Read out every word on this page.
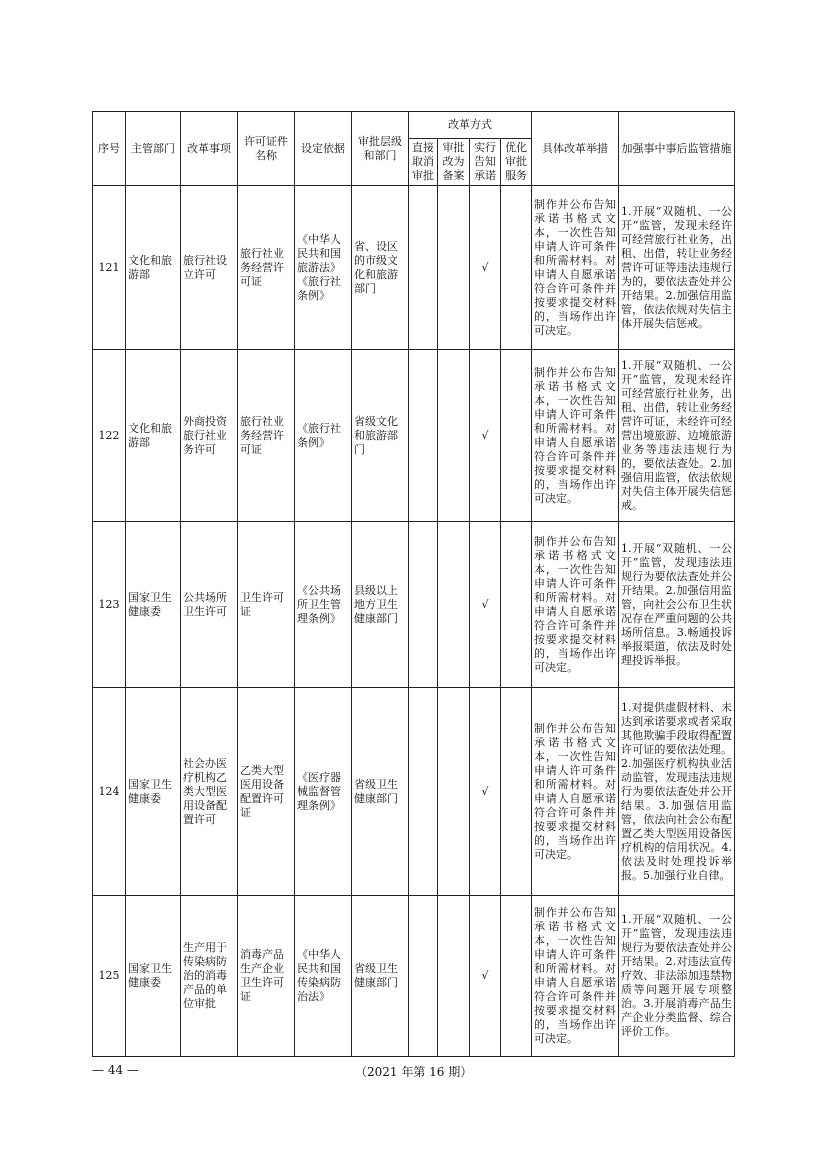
序号	主管部门	改革事项	许可证件名称	设定依据	审批层级和部门	改革方式				具体改革举措	加强事中事后监管措施
						直接取消审批	审批改为备案	实行告知承诺	优化审批服务		
121	文化和旅游部	旅行社设立许可	旅行社业务经营许可证	《中华人民共和国旅游法》《旅行社条例》	省、设区的市级文化和旅游部门			√		制作并公布告知承诺书格式文本，一次性告知申请人许可条件和所需材料。对申请人自愿承诺符合许可条件并按要求提交材料的，当场作出许可决定。	1.开展“双随机、一公开”监管，发现未经许可经营旅行社业务，出租、出借，转让业务经营许可证等违法违规行为的，要依法查处并公开结果。2.加强信用监管，依法依规对失信主体开展失信惩戒。
122	文化和旅游部	外商投资旅行社业务许可	旅行社业务经营许可证	《旅行社条例》	省级文化和旅游部门			√		制作并公布告知承诺书格式文本，一次性告知申请人许可条件和所需材料。对申请人自愿承诺符合许可条件并按要求提交材料的，当场作出许可决定。	1.开展“双随机、一公开”监管，发现未经许可经营旅行社业务，出租、出借，转让业务经营许可证，未经许可经营出境旅游、边境旅游业务等违法违规行为的，要依法查处。2.加强信用监管，依法依规对失信主体开展失信惩戒。
123	国家卫生健康委	公共场所卫生许可	卫生许可证	《公共场所卫生管理条例》	县级以上地方卫生健康部门			√		制作并公布告知承诺书格式文本，一次性告知申请人许可条件和所需材料。对申请人自愿承诺符合许可条件并按要求提交材料的，当场作出许可决定。	1.开展“双随机、一公开”监管，发现违法违规行为要依法查处并公开结果。2.加强信用监管，向社会公布卫生状况存在严重问题的公共场所信息。3.畅通投诉举报渠道，依法及时处理投诉举报。
124	国家卫生健康委	社会办医疗机构乙类大型医用设备配置许可	乙类大型医用设备配置许可证	《医疗器械监督管理条例》	省级卫生健康部门			√		制作并公布告知承诺书格式文本，一次性告知申请人许可条件和所需材料。对申请人自愿承诺符合许可条件并按要求提交材料的，当场作出许可决定。	1.对提供虚假材料、未达到承诺要求或者采取其他欺骗手段取得配置许可证的要依法处理。2.加强医疗机构执业活动监管，发现违法违规行为要依法查处并公开结果。3.加强信用监管，依法向社会公布配置乙类大型医用设备医疗机构的信用状况。4.依法及时处理投诉举报。5.加强行业自律。
125	国家卫生健康委	生产用于传染病防治的消毒产品的单位审批	消毒产品生产企业卫生许可证	《中华人民共和国传染病防治法》	省级卫生健康部门			√		制作并公布告知承诺书格式文本，一次性告知申请人许可条件和所需材料。对申请人自愿承诺符合许可条件并按要求提交材料的，当场作出许可决定。	1.开展“双随机、一公开”监管，发现违法违规行为要依法查处并公开结果。2.对违法宣传疗效、非法添加违禁物质等问题开展专项整治。3.开展消毒产品生产企业分类监督、综合评价工作。
— 44 —	（2021 年第 16 期）
